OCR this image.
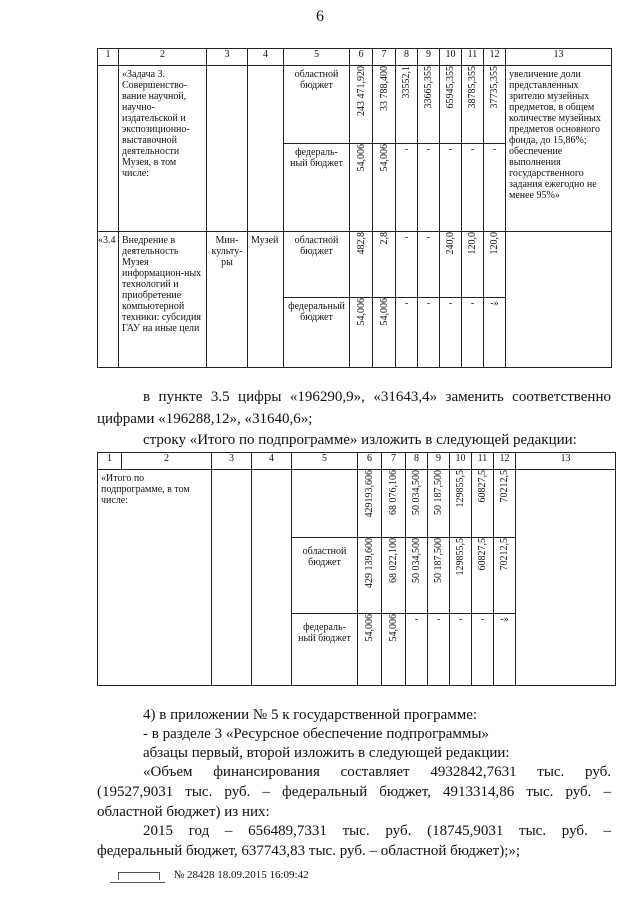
6
1	2	3	4	5	6	7	8	9	10	11	12	13

	«Задача 3. Совершенство-вание научной, научно-издательской и экспозиционно-выставочной деятельности Музея, в том числе:			областной бюджет	243 471,920	33 788,400	33552,1	33665,355	65945,355	38785,355	37735,355	увеличение доли представленных зрителю музейных предметов, в общем количестве музейных предметов основного фонда, до 15,86%; обеспечение выполнения государственного задания ежегодно не менее 95%»

				федераль-ный бюджет	54,006	54,006	-	-	-	-	-	

«3.4	Внедрение в деятельность Музея информацион-ных технологий и приобретение компьютерной техники: субсидия ГАУ на иные цели	Мин-культу-ры	Музей	областной бюджет	482,8	2,8	-	-	240,0	120,0	120,0	

				федеральный бюджет	54,006	54,006	-	-	-	-	-»	
в пункте 3.5 цифры «196290,9», «31643,4» заменить соответственно
цифрами «196288,12», «31640,6»;
строку «Итого по подпрограмме» изложить в следующей редакции:
1	2	3	4	5	6	7	8	9	10	11	12	13

«Итого по подпрограмме, в том числе:					429193,606	68 076,106	50 034,500	50 187,500	129855,5	60827,5	70212,5	

				областной бюджет	429 139,600	68 022,100	50 034,500	50 187,500	129855,5	60827,5	70212,5	

				федераль-ный бюджет	54,006	54,006	-	-	-	-	-»	
4) в приложении № 5 к государственной программе:
- в разделе 3 «Ресурсное обеспечение подпрограммы»
абзацы первый, второй изложить в следующей редакции:
«Объем финансирования составляет 4932842,7631 тыс. руб.
(19527,9031 тыс. руб. – федеральный бюджет, 4913314,86 тыс. руб. –
областной бюджет) из них:
2015 год – 656489,7331 тыс. руб. (18745,9031 тыс. руб. –
федеральный бюджет, 637743,83 тыс. руб. – областной бюджет);»;
№ 28428 18.09.2015 16:09:42
